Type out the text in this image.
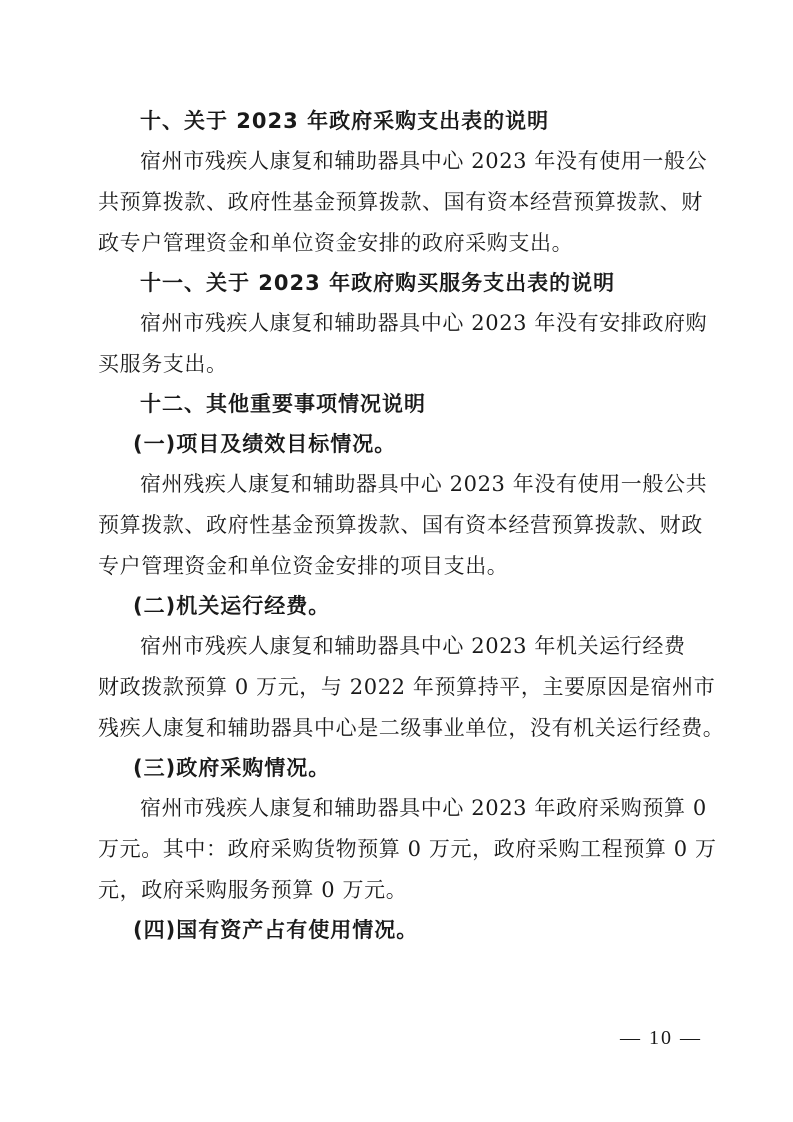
十、关于 2023 年政府采购支出表的说明
宿州市残疾人康复和辅助器具中心 2023 年没有使用一般公
共预算拨款、政府性基金预算拨款、国有资本经营预算拨款、财
政专户管理资金和单位资金安排的政府采购支出。
十一、关于 2023 年政府购买服务支出表的说明
宿州市残疾人康复和辅助器具中心 2023 年没有安排政府购
买服务支出。
十二、其他重要事项情况说明
(一)项目及绩效目标情况。
宿州残疾人康复和辅助器具中心 2023 年没有使用一般公共
预算拨款、政府性基金预算拨款、国有资本经营预算拨款、财政
专户管理资金和单位资金安排的项目支出。
(二)机关运行经费。
宿州市残疾人康复和辅助器具中心 2023 年机关运行经费
财政拨款预算 0 万元，与 2022 年预算持平，主要原因是宿州市
残疾人康复和辅助器具中心是二级事业单位，没有机关运行经费。
(三)政府采购情况。
宿州市残疾人康复和辅助器具中心 2023 年政府采购预算 0
万元。其中：政府采购货物预算 0 万元，政府采购工程预算 0 万
元，政府采购服务预算 0 万元。
(四)国有资产占有使用情况。
— 10 —
